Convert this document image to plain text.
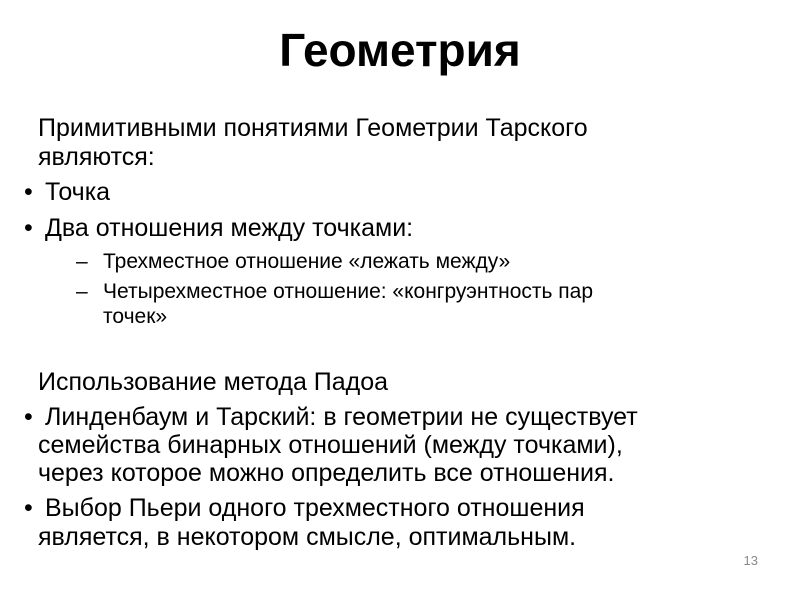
Геометрия
Примитивными понятиями Геометрии Тарского
являются:
• Точка
• Два отношения между точками:
– Трехместное отношение «лежать между»
– Четырехместное отношение: «конгруэнтность пар
точек»
Использование метода Падоа
• Линденбаум и Тарский: в геометрии не существует
семейства бинарных отношений (между точками),
через которое можно определить все отношения.
• Выбор Пьери одного трехместного отношения
является, в некотором смысле, оптимальным.
13
